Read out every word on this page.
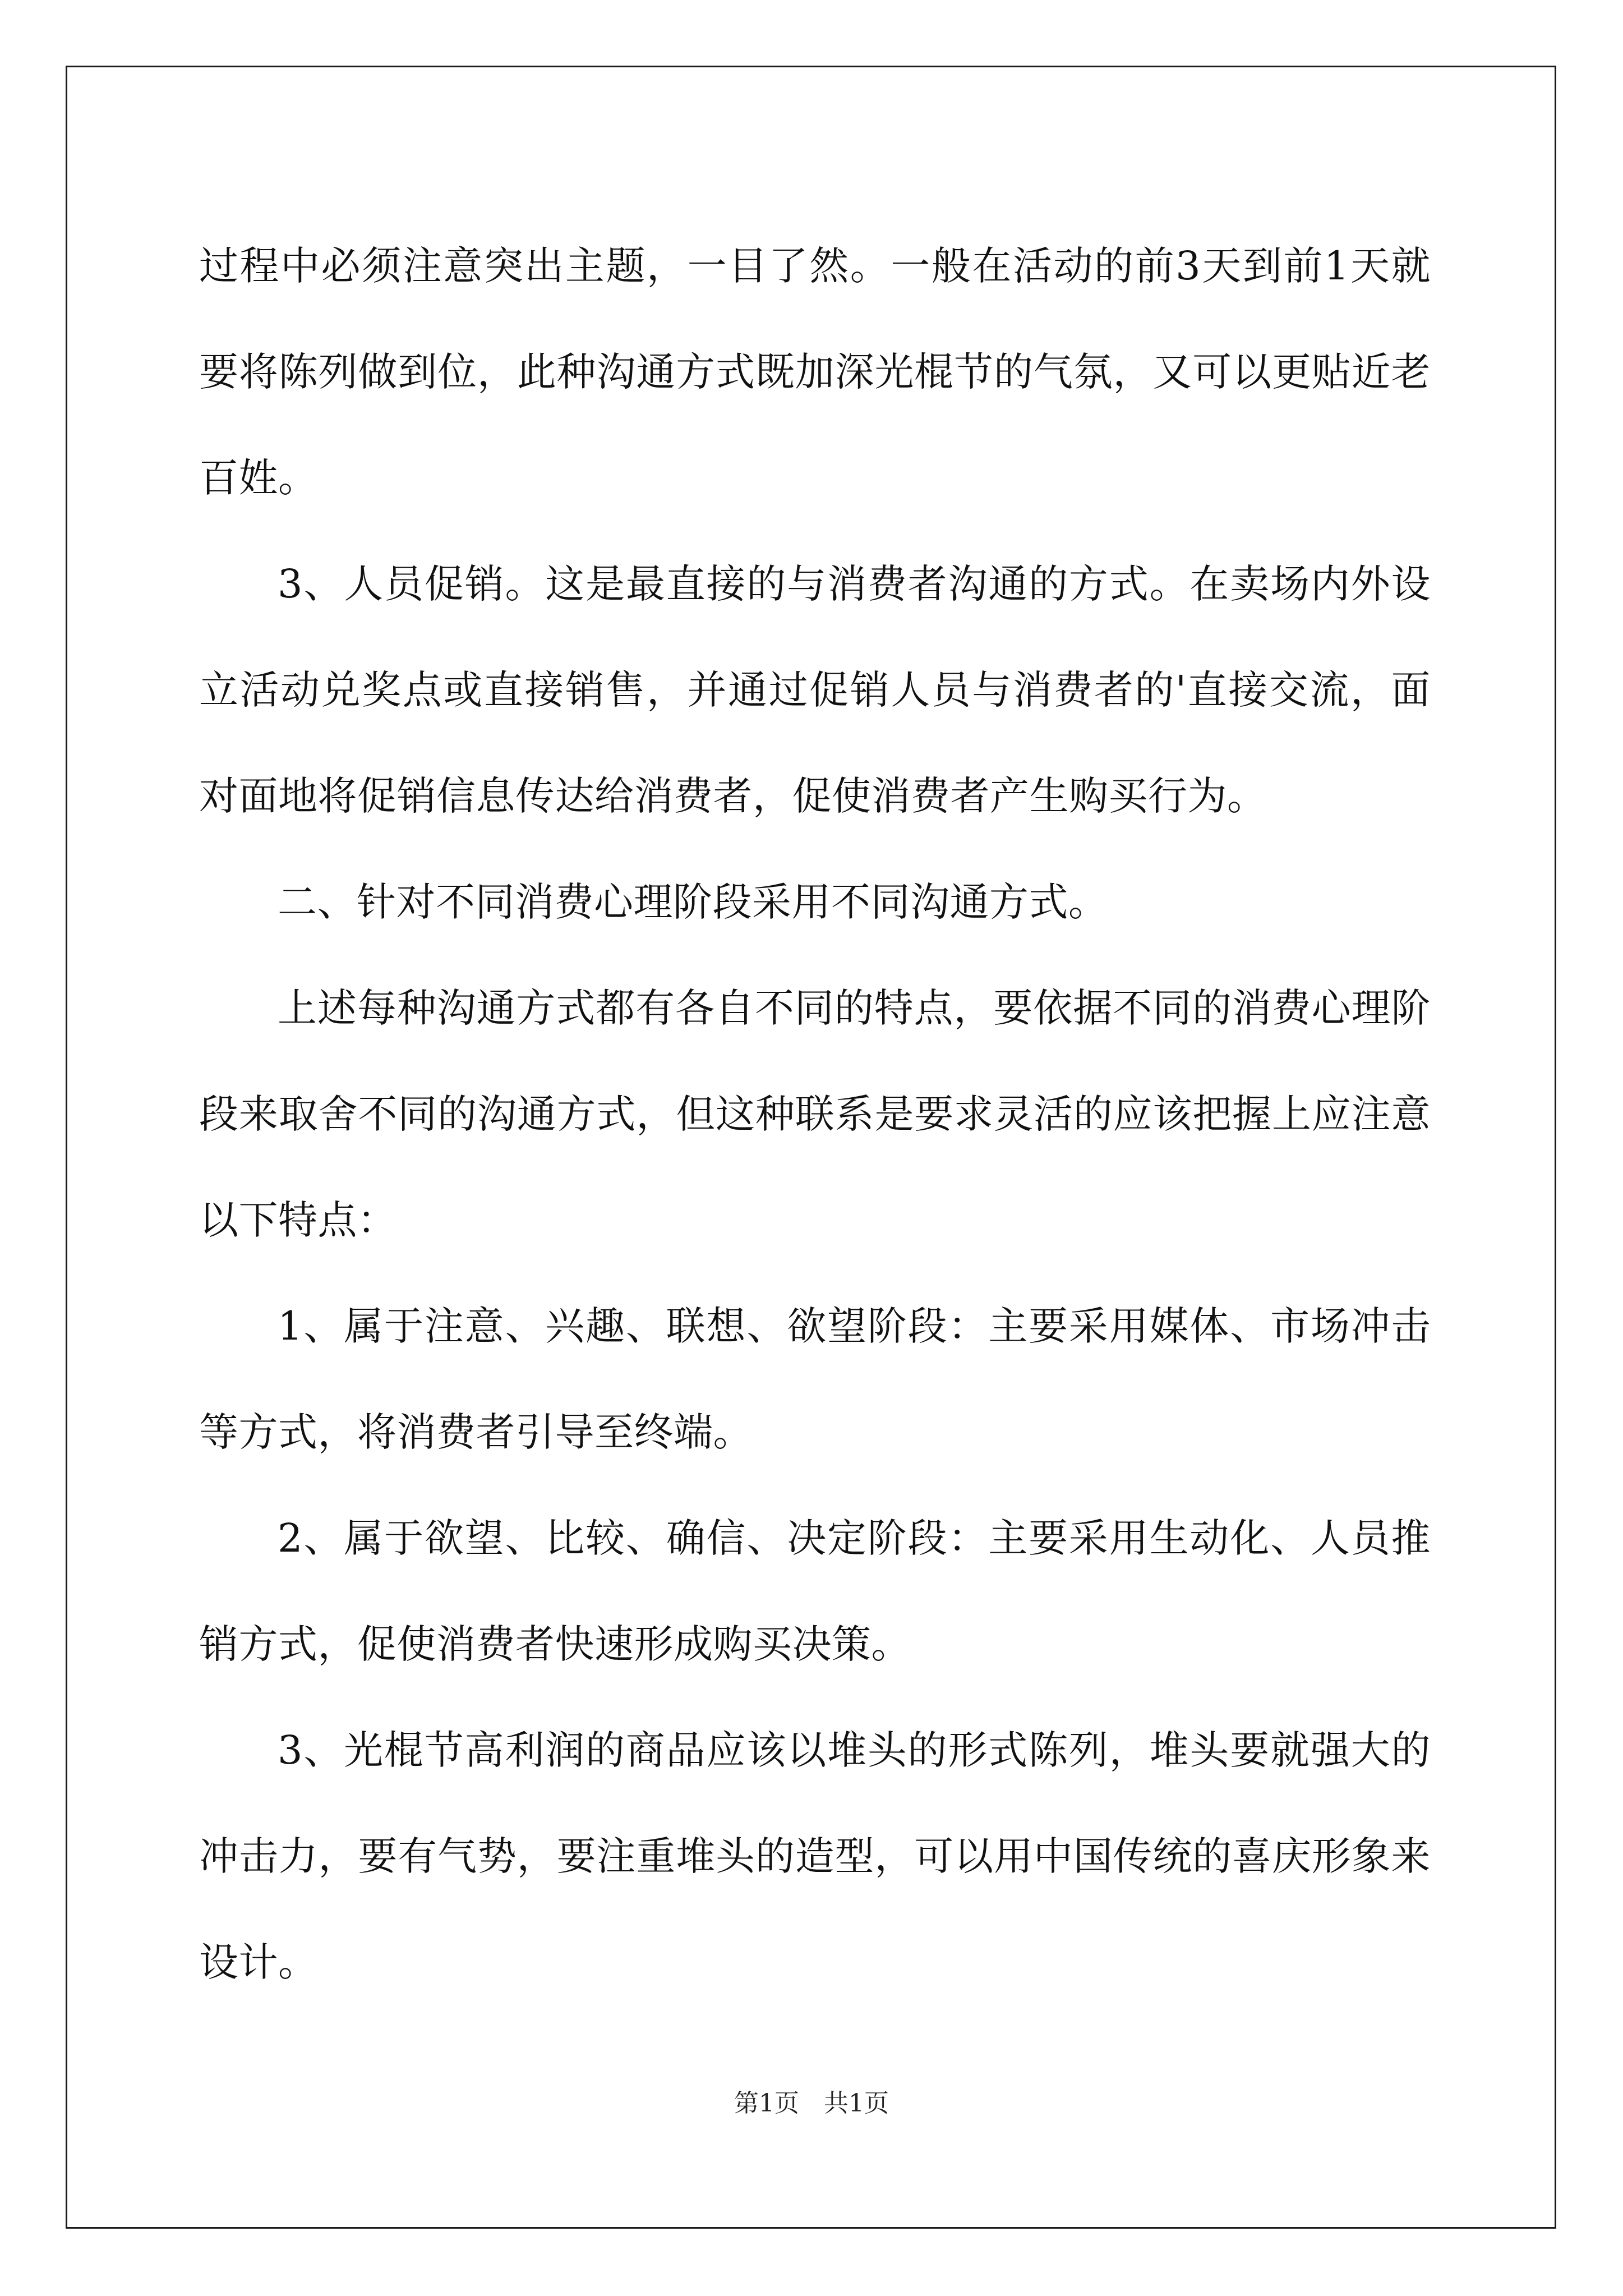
过程中必须注意突出主题，一目了然。一般在活动的前3天到前1天就要将陈列做到位，此种沟通方式既加深光棍节的气氛，又可以更贴近老百姓。

3、人员促销。这是最直接的与消费者沟通的方式。在卖场内外设立活动兑奖点或直接销售，并通过促销人员与消费者的'直接交流，面对面地将促销信息传达给消费者，促使消费者产生购买行为。

二、针对不同消费心理阶段采用不同沟通方式。

上述每种沟通方式都有各自不同的特点，要依据不同的消费心理阶段来取舍不同的沟通方式，但这种联系是要求灵活的应该把握上应注意以下特点：

1、属于注意、兴趣、联想、欲望阶段：主要采用媒体、市场冲击等方式，将消费者引导至终端。

2、属于欲望、比较、确信、决定阶段：主要采用生动化、人员推销方式，促使消费者快速形成购买决策。

3、光棍节高利润的商品应该以堆头的形式陈列，堆头要就强大的冲击力，要有气势，要注重堆头的造型，可以用中国传统的喜庆形象来设计。

第1页　共1页
